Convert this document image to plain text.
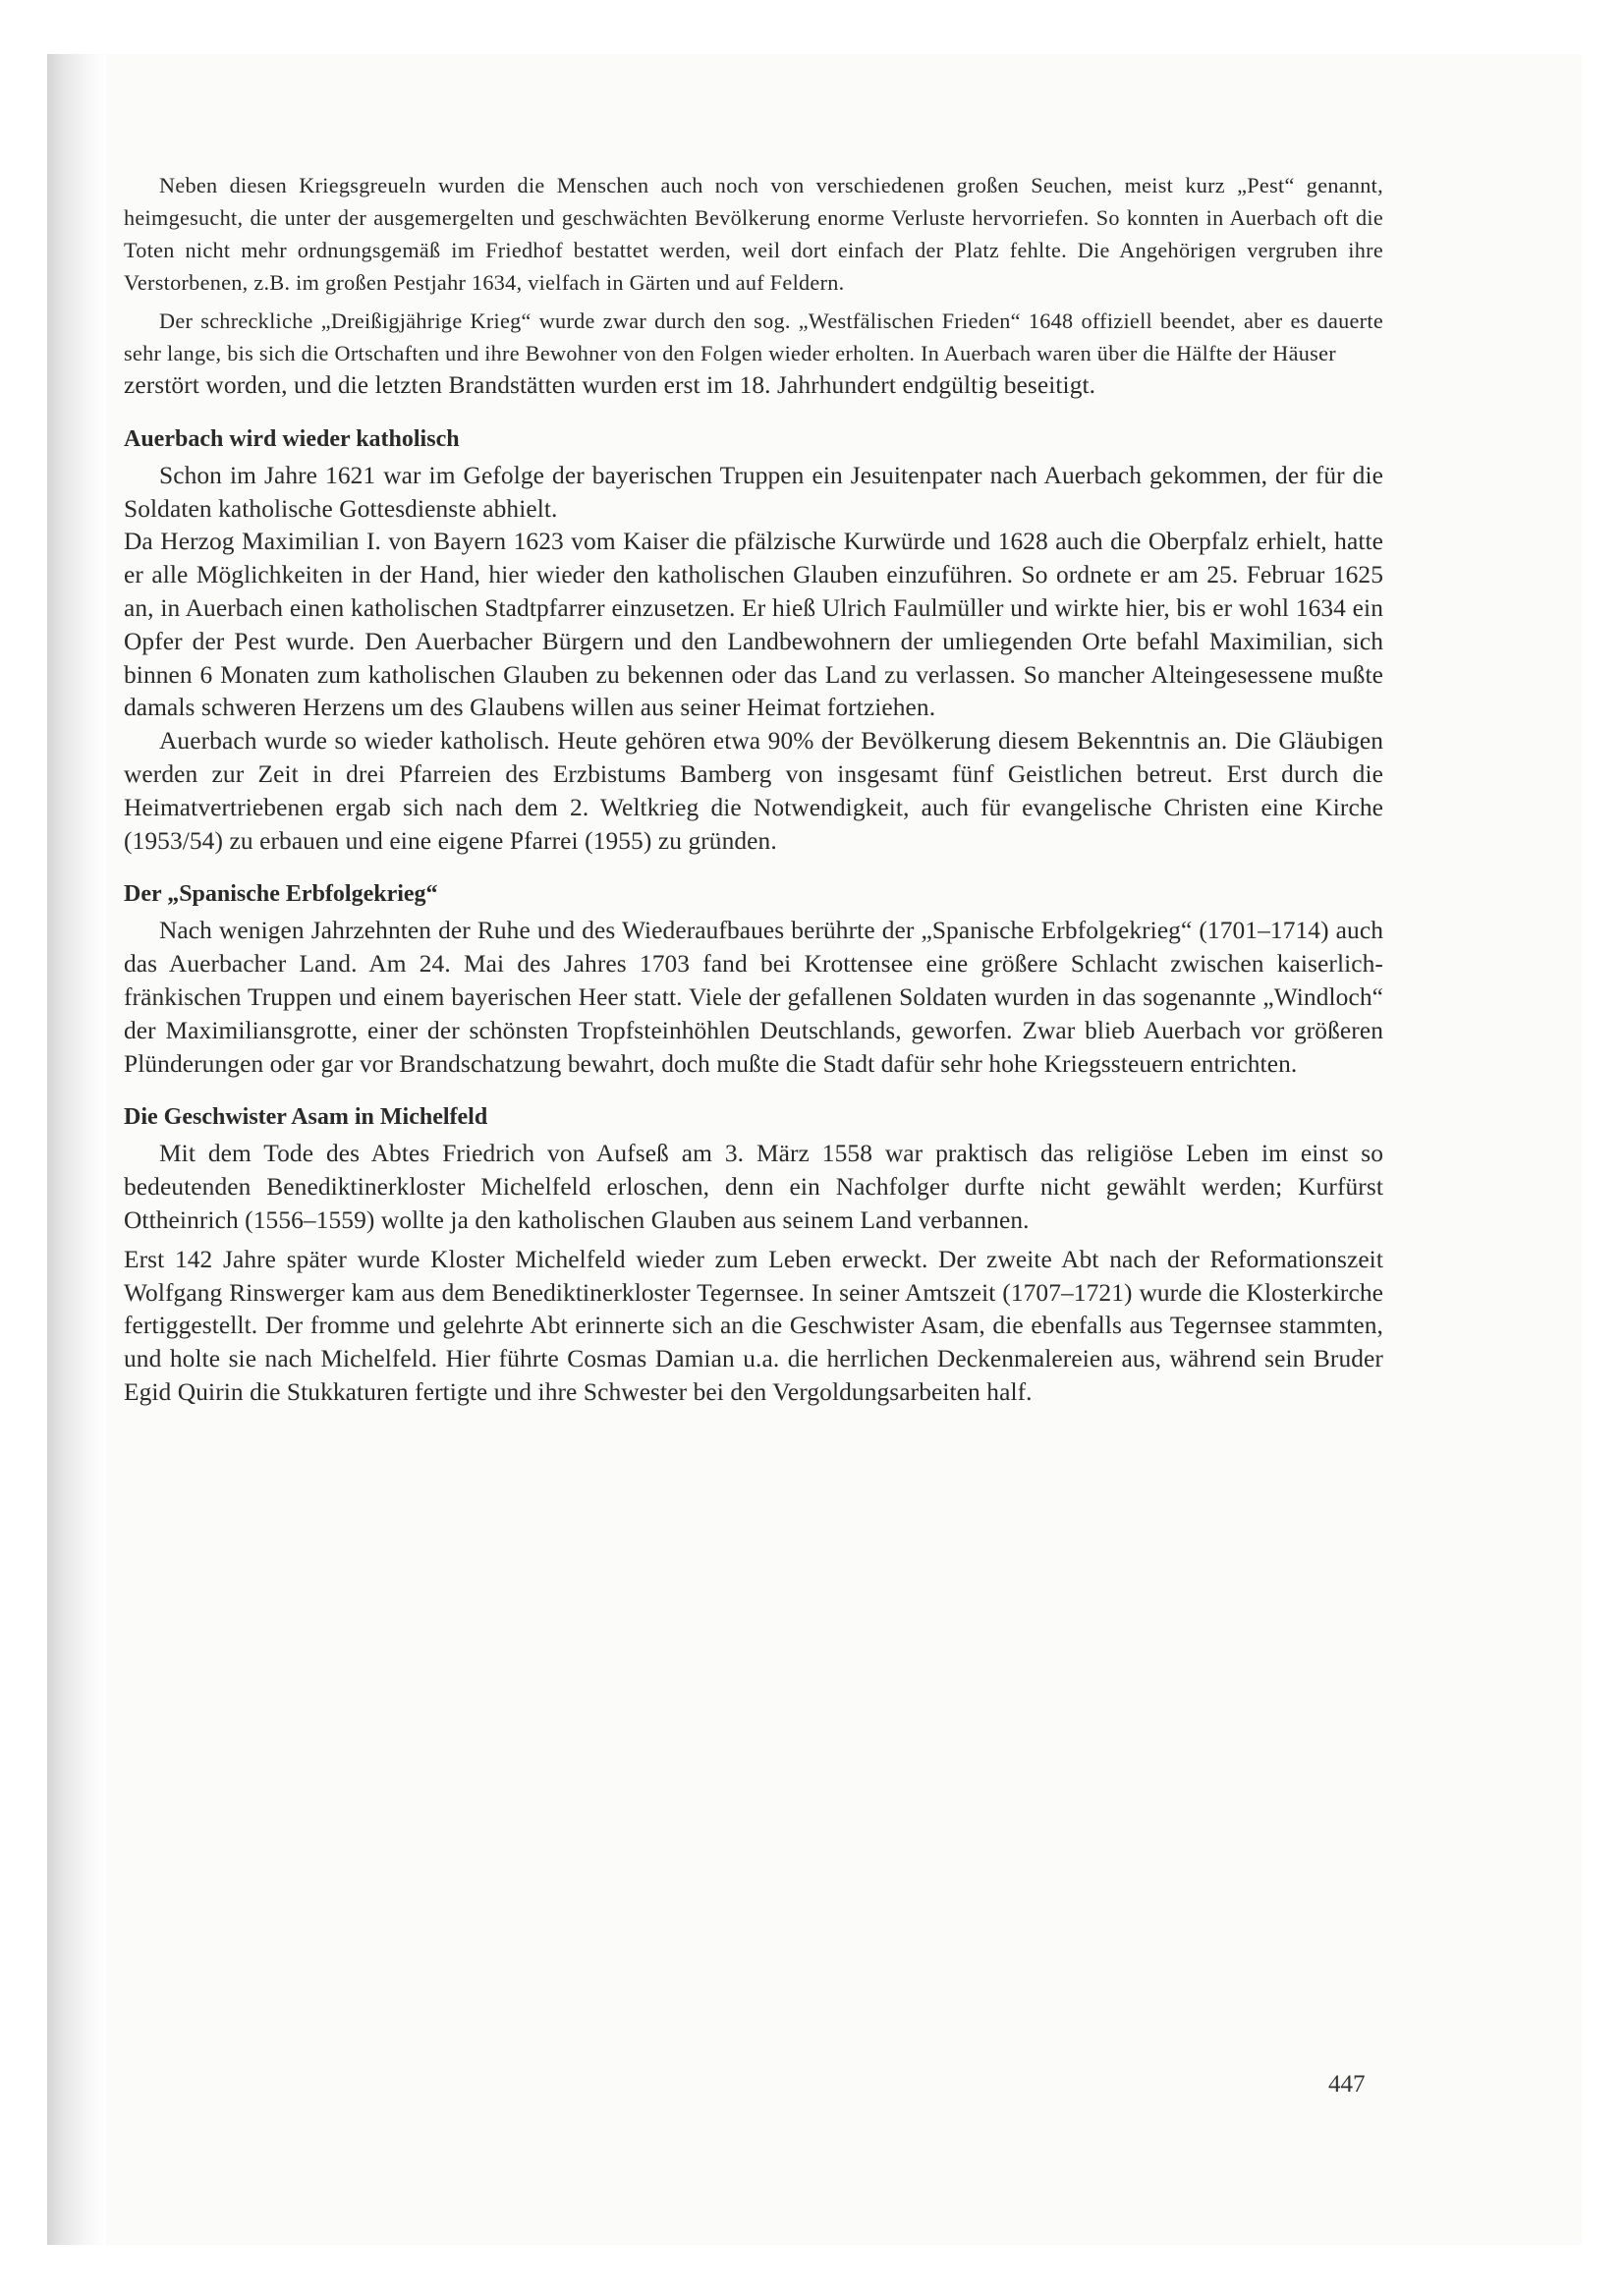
Neben diesen Kriegsgreueln wurden die Menschen auch noch von verschiedenen großen Seuchen, meist kurz „Pest“ genannt, heimgesucht, die unter der ausgemergelten und geschwächten Bevölkerung enorme Verluste hervorriefen. So konnten in Auerbach oft die Toten nicht mehr ordnungsgemäß im Friedhof bestattet werden, weil dort einfach der Platz fehlte. Die Angehörigen vergruben ihre Verstorbenen, z.B. im großen Pestjahr 1634, vielfach in Gärten und auf Feldern.

Der schreckliche „Dreißigjährige Krieg“ wurde zwar durch den sog. „Westfälischen Frieden“ 1648 offiziell beendet, aber es dauerte sehr lange, bis sich die Ortschaften und ihre Bewohner von den Folgen wieder erholten. In Auerbach waren über die Hälfte der Häuser

zerstört worden, und die letzten Brandstätten wurden erst im 18. Jahrhundert endgültig beseitigt.

Auerbach wird wieder katholisch

Schon im Jahre 1621 war im Gefolge der bayerischen Truppen ein Jesuitenpater nach Auerbach gekommen, der für die Soldaten katholische Gottesdienste abhielt.

Da Herzog Maximilian I. von Bayern 1623 vom Kaiser die pfälzische Kurwürde und 1628 auch die Oberpfalz erhielt, hatte er alle Möglichkeiten in der Hand, hier wieder den katholischen Glauben einzuführen. So ordnete er am 25. Februar 1625 an, in Auerbach einen katholischen Stadtpfarrer einzusetzen. Er hieß Ulrich Faulmüller und wirkte hier, bis er wohl 1634 ein Opfer der Pest wurde. Den Auerbacher Bürgern und den Landbewohnern der umliegenden Orte befahl Maximilian, sich binnen 6 Monaten zum katholischen Glauben zu bekennen oder das Land zu verlassen. So mancher Alteingesessene mußte damals schweren Herzens um des Glaubens willen aus seiner Heimat fortziehen.

Auerbach wurde so wieder katholisch. Heute gehören etwa 90% der Bevölkerung diesem Bekenntnis an. Die Gläubigen werden zur Zeit in drei Pfarreien des Erzbistums Bamberg von insgesamt fünf Geistlichen betreut. Erst durch die Heimatvertriebenen ergab sich nach dem 2. Weltkrieg die Notwendigkeit, auch für evangelische Christen eine Kirche (1953/54) zu erbauen und eine eigene Pfarrei (1955) zu gründen.

Der „Spanische Erbfolgekrieg“

Nach wenigen Jahrzehnten der Ruhe und des Wiederaufbaues berührte der „Spanische Erbfolgekrieg“ (1701–1714) auch das Auerbacher Land. Am 24. Mai des Jahres 1703 fand bei Krottensee eine größere Schlacht zwischen kaiserlich-fränkischen Truppen und einem bayerischen Heer statt. Viele der gefallenen Soldaten wurden in das sogenannte „Windloch“ der Maximiliansgrotte, einer der schönsten Tropfsteinhöhlen Deutschlands, geworfen. Zwar blieb Auerbach vor größeren Plünderungen oder gar vor Brandschatzung bewahrt, doch mußte die Stadt dafür sehr hohe Kriegssteuern entrichten.

Die Geschwister Asam in Michelfeld

Mit dem Tode des Abtes Friedrich von Aufseß am 3. März 1558 war praktisch das religiöse Leben im einst so bedeutenden Benediktinerkloster Michelfeld erloschen, denn ein Nachfolger durfte nicht gewählt werden; Kurfürst Ottheinrich (1556–1559) wollte ja den katholischen Glauben aus seinem Land verbannen.

Erst 142 Jahre später wurde Kloster Michelfeld wieder zum Leben erweckt. Der zweite Abt nach der Reformationszeit Wolfgang Rinswerger kam aus dem Benediktinerkloster Tegernsee. In seiner Amtszeit (1707–1721) wurde die Klosterkirche fertiggestellt. Der fromme und gelehrte Abt erinnerte sich an die Geschwister Asam, die ebenfalls aus Tegernsee stammten, und holte sie nach Michelfeld. Hier führte Cosmas Damian u.a. die herrlichen Deckenmalereien aus, während sein Bruder Egid Quirin die Stukkaturen fertigte und ihre Schwester bei den Vergoldungsarbeiten half.

447
